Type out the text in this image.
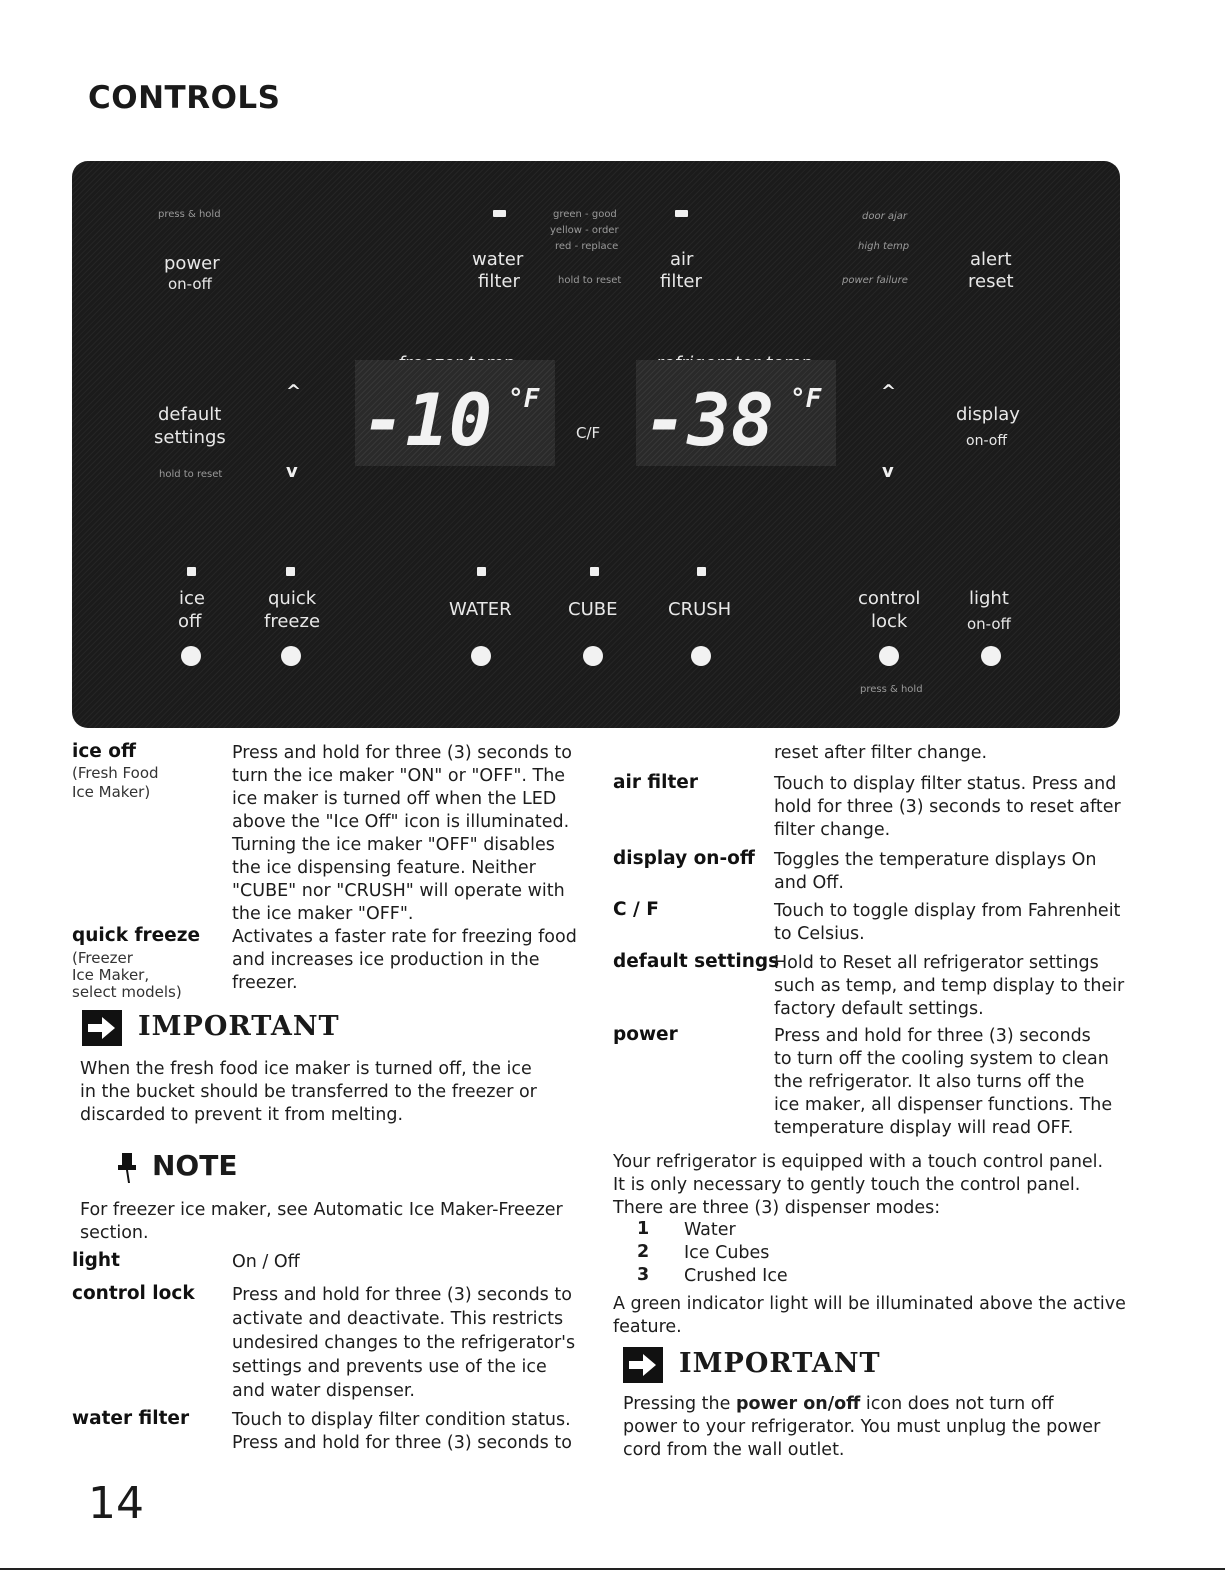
CONTROLS
press & hold
power
on-off
water
filter
green - good
yellow - order
red - replace
hold to reset
air
filter
door ajar
high temp
power failure
alert
reset
default
settings
hold to reset
^
v
-10 °F
C/F -38 °F	^
v
display
on-off
ice
off
quick
freeze
WATER	CUBE	CRUSH
control
lock
press & hold
light
on-off
ice off
(Fresh Food
Ice Maker)
Press and hold for three (3) seconds to
turn the ice maker "ON" or "OFF". The
ice maker is turned off when the LED
above the "Ice Off" icon is illuminated.
Turning the ice maker "OFF" disables
the ice dispensing feature. Neither
"CUBE" nor "CRUSH" will operate with
the ice maker "OFF".
quick freeze
(Freezer
Ice Maker,
select models)
Activates a faster rate for freezing food
and increases ice production in the
freezer.
IMPORTANT
When the fresh food ice maker is turned off, the ice
in the bucket should be transferred to the freezer or
discarded to prevent it from melting.
NOTE
For freezer ice maker, see Automatic Ice Maker-Freezer
section.
light	On / Off
control lock Press and hold for three (3) seconds to
activate and deactivate. This restricts
undesired changes to the refrigerator's
settings and prevents use of the ice
and water dispenser.
water filter Touch to display filter condition status.
Press and hold for three (3) seconds to
reset after filter change.
air filter	Touch to display filter status. Press and
hold for three (3) seconds to reset after
filter change.
display on-off Toggles the temperature displays On
and Off.
C / F	Touch to toggle display from Fahrenheit
to Celsius.
default settings
Hold to Reset all refrigerator settings
such as temp, and temp display to their
factory default settings.
power	Press and hold for three (3) seconds
to turn off the cooling system to clean
the refrigerator. It also turns off the
ice maker, all dispenser functions. The
temperature display will read OFF.
Your refrigerator is equipped with a touch control panel.
It is only necessary to gently touch the control panel.
There are three (3) dispenser modes:
1 Water
2 Ice Cubes
3 Crushed Ice
A green indicator light will be illuminated above the active
feature.
IMPORTANT
Pressing the power on/off icon does not turn off
power to your refrigerator. You must unplug the power
cord from the wall outlet.
14
